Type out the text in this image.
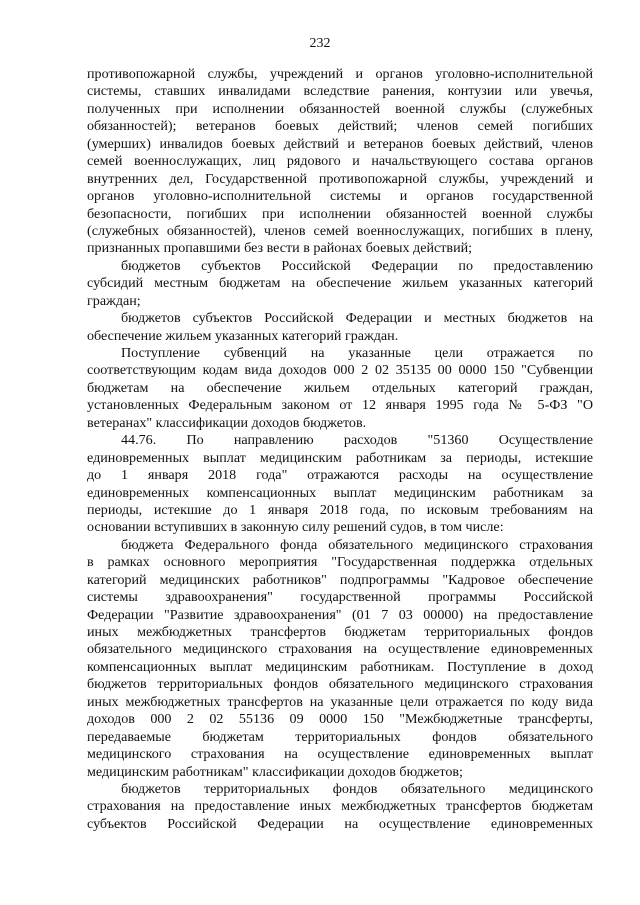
232
противопожарной службы, учреждений и органов уголовно-исполнительной
системы, ставших инвалидами вследствие ранения, контузии или увечья,
полученных при исполнении обязанностей военной службы (служебных
обязанностей); ветеранов боевых действий; членов семей погибших
(умерших) инвалидов боевых действий и ветеранов боевых действий, членов
семей военнослужащих, лиц рядового и начальствующего состава органов
внутренних дел, Государственной противопожарной службы, учреждений и
органов уголовно-исполнительной системы и органов государственной
безопасности, погибших при исполнении обязанностей военной службы
(служебных обязанностей), членов семей военнослужащих, погибших в плену,
признанных пропавшими без вести в районах боевых действий;
бюджетов субъектов Российской Федерации по предоставлению
субсидий местным бюджетам на обеспечение жильем указанных категорий
граждан;
бюджетов субъектов Российской Федерации и местных бюджетов на
обеспечение жильем указанных категорий граждан.
Поступление субвенций на указанные цели отражается по
соответствующим кодам вида доходов 000 2 02 35135 00 0000 150 "Субвенции
бюджетам на обеспечение жильем отдельных категорий граждан,
установленных Федеральным законом от 12 января 1995 года № 5-ФЗ "О
ветеранах" классификации доходов бюджетов.
44.76. По направлению расходов "51360 Осуществление
единовременных выплат медицинским работникам за периоды, истекшие
до 1 января 2018 года" отражаются расходы на осуществление
единовременных компенсационных выплат медицинским работникам за
периоды, истекшие до 1 января 2018 года, по исковым требованиям на
основании вступивших в законную силу решений судов, в том числе:
бюджета Федерального фонда обязательного медицинского страхования
в рамках основного мероприятия "Государственная поддержка отдельных
категорий медицинских работников" подпрограммы "Кадровое обеспечение
системы здравоохранения" государственной программы Российской
Федерации "Развитие здравоохранения" (01 7 03 00000) на предоставление
иных межбюджетных трансфертов бюджетам территориальных фондов
обязательного медицинского страхования на осуществление единовременных
компенсационных выплат медицинским работникам. Поступление в доход
бюджетов территориальных фондов обязательного медицинского страхования
иных межбюджетных трансфертов на указанные цели отражается по коду вида
доходов 000 2 02 55136 09 0000 150 "Межбюджетные трансферты,
передаваемые бюджетам территориальных фондов обязательного
медицинского страхования на осуществление единовременных выплат
медицинским работникам" классификации доходов бюджетов;
бюджетов территориальных фондов обязательного медицинского
страхования на предоставление иных межбюджетных трансфертов бюджетам
субъектов Российской Федерации на осуществление единовременных
